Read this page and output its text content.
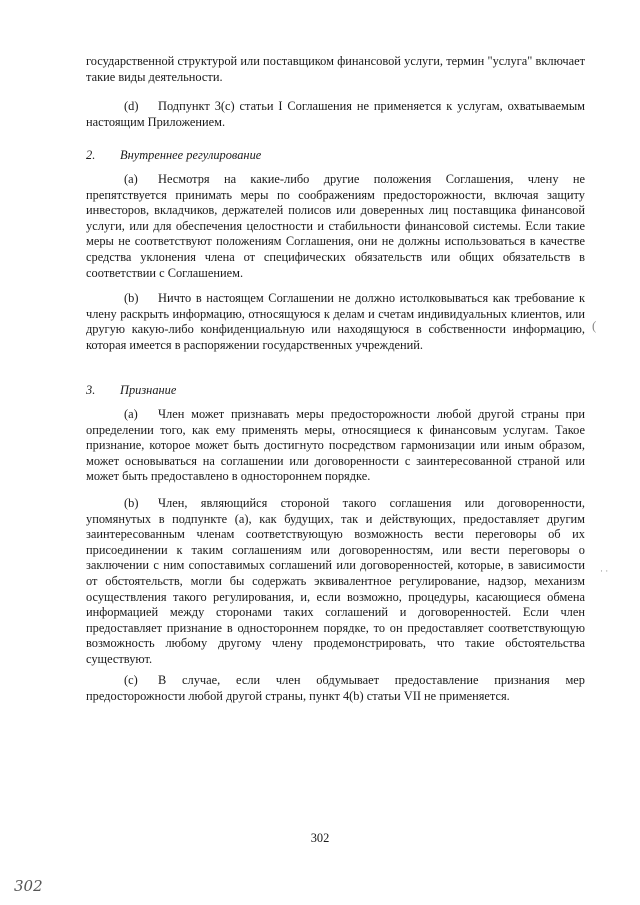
государственной структурой или поставщиком финансовой услуги, термин "услуга" включает такие виды деятельности.

(d) Подпункт 3(с) статьи I Соглашения не применяется к услугам, охватываемым настоящим Приложением.

2. Внутреннее регулирование

(a) Несмотря на какие-либо другие положения Соглашения, члену не препятствуется принимать меры по соображениям предосторожности, включая защиту инвесторов, вкладчиков, держателей полисов или доверенных лиц поставщика финансовой услуги, или для обеспечения целостности и стабильности финансовой системы. Если такие меры не соответствуют положениям Соглашения, они не должны использоваться в качестве средства уклонения члена от специфических обязательств или общих обязательств в соответствии с Соглашением.

(b) Ничто в настоящем Соглашении не должно истолковываться как требование к члену раскрыть информацию, относящуюся к делам и счетам индивидуальных клиентов, или другую какую-либо конфиденциальную или находящуюся в собственности информацию, которая имеется в распоряжении государственных учреждений.

3. Признание

(a) Член может признавать меры предосторожности любой другой страны при определении того, как ему применять меры, относящиеся к финансовым услугам. Такое признание, которое может быть достигнуто посредством гармонизации или иным образом, может основываться на соглашении или договоренности с заинтересованной страной или может быть предоставлено в одностороннем порядке.

(b) Член, являющийся стороной такого соглашения или договоренности, упомянутых в подпункте (a), как будущих, так и действующих, предоставляет другим заинтересованным членам соответствующую возможность вести переговоры об их присоединении к таким соглашениям или договоренностям, или вести переговоры о заключении с ним сопоставимых соглашений или договоренностей, которые, в зависимости от обстоятельств, могли бы содержать эквивалентное регулирование, надзор, механизм осуществления такого регулирования, и, если возможно, процедуры, касающиеся обмена информацией между сторонами таких соглашений и договоренностей. Если член предоставляет признание в одностороннем порядке, то он предоставляет соответствующую возможность любому другому члену продемонстрировать, что такие обстоятельства существуют.

(c) В случае, если член обдумывает предоставление признания мер предосторожности любой другой страны, пункт 4(b) статьи VII не применяется.

302
302
(
· ·
